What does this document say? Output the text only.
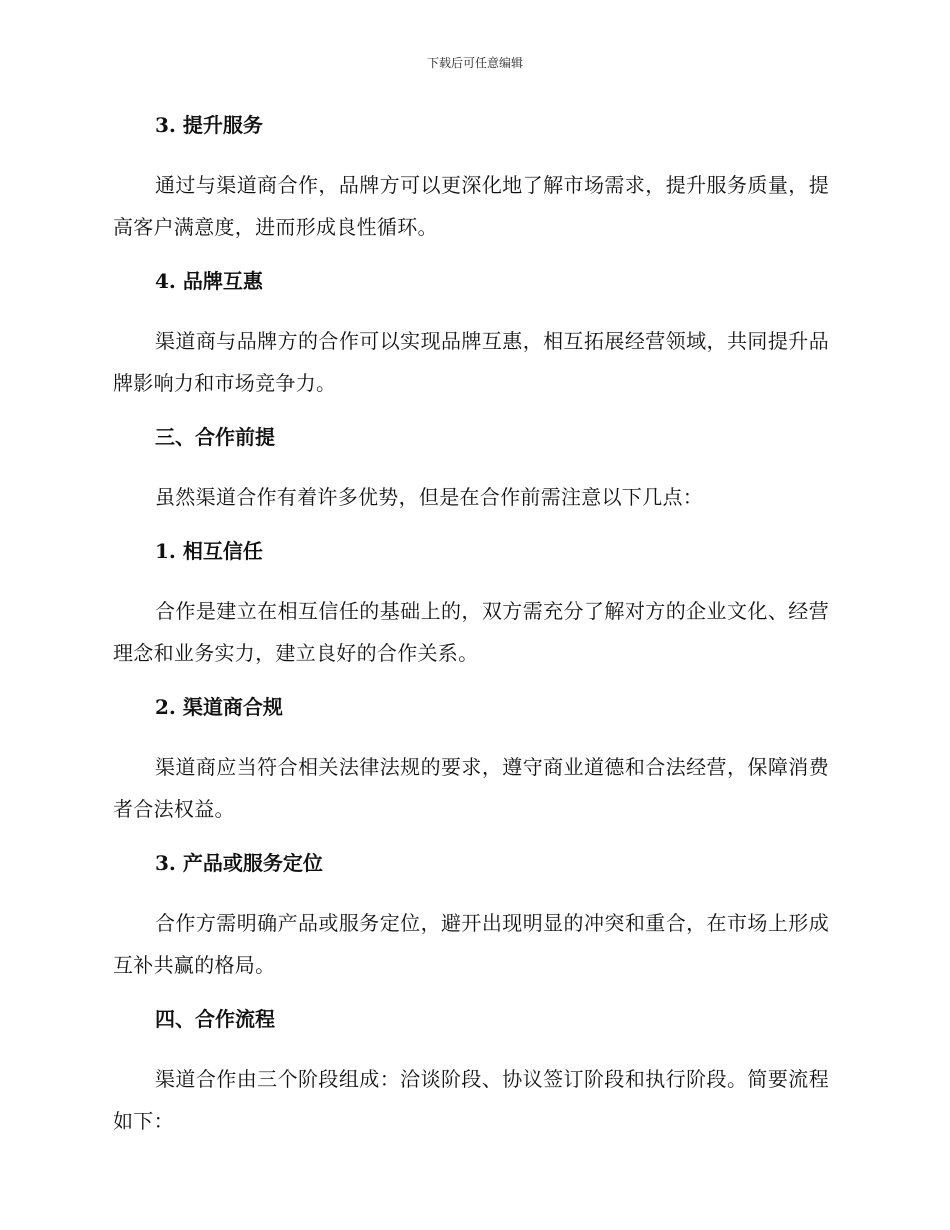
下载后可任意编辑
3. 提升服务

通过与渠道商合作，品牌方可以更深化地了解市场需求，提升服务质量，提高客户满意度，进而形成良性循环。

4. 品牌互惠

渠道商与品牌方的合作可以实现品牌互惠，相互拓展经营领域，共同提升品牌影响力和市场竞争力。

三、合作前提

虽然渠道合作有着许多优势，但是在合作前需注意以下几点：

1. 相互信任

合作是建立在相互信任的基础上的，双方需充分了解对方的企业文化、经营理念和业务实力，建立良好的合作关系。

2. 渠道商合规

渠道商应当符合相关法律法规的要求，遵守商业道德和合法经营，保障消费者合法权益。

3. 产品或服务定位

合作方需明确产品或服务定位，避开出现明显的冲突和重合，在市场上形成互补共赢的格局。

四、合作流程

渠道合作由三个阶段组成：洽谈阶段、协议签订阶段和执行阶段。简要流程如下：
